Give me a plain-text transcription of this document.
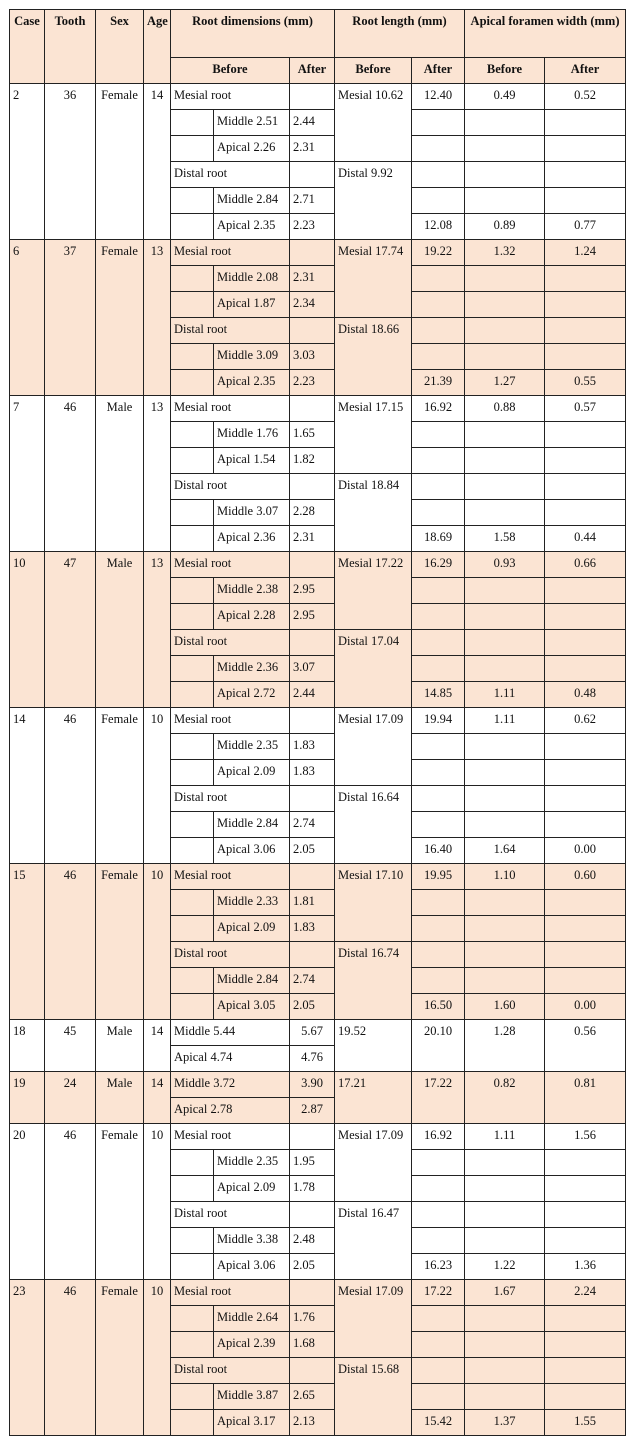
Case	Tooth	Sex	Age	Root dimensions (mm)			Root length (mm)		Apical foramen width (mm)	
				Before		After	Before	After	Before	After
2	36	Female	14	Mesial root			Mesial 10.62	12.40	0.49	0.52
					Middle 2.51	2.44				
					Apical 2.26	2.31				
				Distal root			Distal 9.92			
					Middle 2.84	2.71				
					Apical 2.35	2.23		12.08	0.89	0.77
6	37	Female	13	Mesial root			Mesial 17.74	19.22	1.32	1.24
					Middle 2.08	2.31				
					Apical 1.87	2.34				
				Distal root			Distal 18.66			
					Middle 3.09	3.03				
					Apical 2.35	2.23		21.39	1.27	0.55
7	46	Male	13	Mesial root			Mesial 17.15	16.92	0.88	0.57
					Middle 1.76	1.65				
					Apical 1.54	1.82				
				Distal root			Distal 18.84			
					Middle 3.07	2.28				
					Apical 2.36	2.31		18.69	1.58	0.44
10	47	Male	13	Mesial root			Mesial 17.22	16.29	0.93	0.66
					Middle 2.38	2.95				
					Apical 2.28	2.95				
				Distal root			Distal 17.04			
					Middle 2.36	3.07				
					Apical 2.72	2.44		14.85	1.11	0.48
14	46	Female	10	Mesial root			Mesial 17.09	19.94	1.11	0.62
					Middle 2.35	1.83				
					Apical 2.09	1.83				
				Distal root			Distal 16.64			
					Middle 2.84	2.74				
					Apical 3.06	2.05		16.40	1.64	0.00
15	46	Female	10	Mesial root			Mesial 17.10	19.95	1.10	0.60
					Middle 2.33	1.81				
					Apical 2.09	1.83				
				Distal root			Distal 16.74			
					Middle 2.84	2.74				
					Apical 3.05	2.05		16.50	1.60	0.00
18	45	Male	14	Middle 5.44		5.67	19.52	20.10	1.28	0.56
				Apical 4.74		4.76				
19	24	Male	14	Middle 3.72		3.90	17.21	17.22	0.82	0.81
				Apical 2.78		2.87				
20	46	Female	10	Mesial root			Mesial 17.09	16.92	1.11	1.56
					Middle 2.35	1.95				
					Apical 2.09	1.78				
				Distal root			Distal 16.47			
					Middle 3.38	2.48				
					Apical 3.06	2.05		16.23	1.22	1.36
23	46	Female	10	Mesial root			Mesial 17.09	17.22	1.67	2.24
					Middle 2.64	1.76				
					Apical 2.39	1.68				
				Distal root			Distal 15.68			
					Middle 3.87	2.65				
					Apical 3.17	2.13		15.42	1.37	1.55
